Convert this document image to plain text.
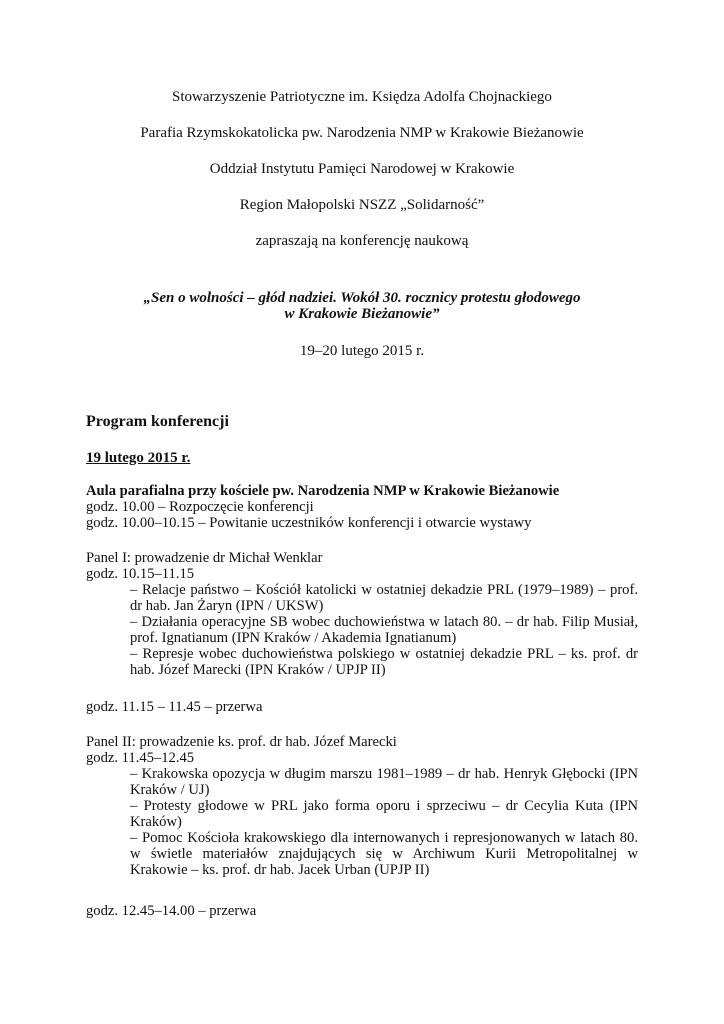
Stowarzyszenie Patriotyczne im. Księdza Adolfa Chojnackiego
Parafia Rzymskokatolicka pw. Narodzenia NMP w Krakowie Bieżanowie
Oddział Instytutu Pamięci Narodowej w Krakowie
Region Małopolski NSZZ „Solidarność”
zapraszają na konferencję naukową
„Sen o wolności – głód nadziei. Wokół 30. rocznicy protestu głodowego
w Krakowie Bieżanowie”
19–20 lutego 2015 r.
Program konferencji
19 lutego 2015 r.
Aula parafialna przy kościele pw. Narodzenia NMP w Krakowie Bieżanowie
godz. 10.00 – Rozpoczęcie konferencji
godz. 10.00–10.15 – Powitanie uczestników konferencji i otwarcie wystawy
Panel I: prowadzenie dr Michał Wenklar
godz. 10.15–11.15
– Relacje państwo – Kościół katolicki w ostatniej dekadzie PRL (1979–1989) – prof. dr hab. Jan Żaryn (IPN / UKSW)
– Działania operacyjne SB wobec duchowieństwa w latach 80. – dr hab. Filip Musiał, prof. Ignatianum (IPN Kraków / Akademia Ignatianum)
– Represje wobec duchowieństwa polskiego w ostatniej dekadzie PRL – ks. prof. dr hab. Józef Marecki (IPN Kraków / UPJP II)
godz. 11.15 – 11.45 – przerwa
Panel II: prowadzenie ks. prof. dr hab. Józef Marecki
godz. 11.45–12.45
– Krakowska opozycja w długim marszu 1981–1989 – dr hab. Henryk Głębocki (IPN Kraków / UJ)
– Protesty głodowe w PRL jako forma oporu i sprzeciwu – dr Cecylia Kuta (IPN Kraków)
– Pomoc Kościoła krakowskiego dla internowanych i represjonowanych w latach 80. w świetle materiałów znajdujących się w Archiwum Kurii Metropolitalnej w Krakowie – ks. prof. dr hab. Jacek Urban (UPJP II)
godz. 12.45–14.00 – przerwa
